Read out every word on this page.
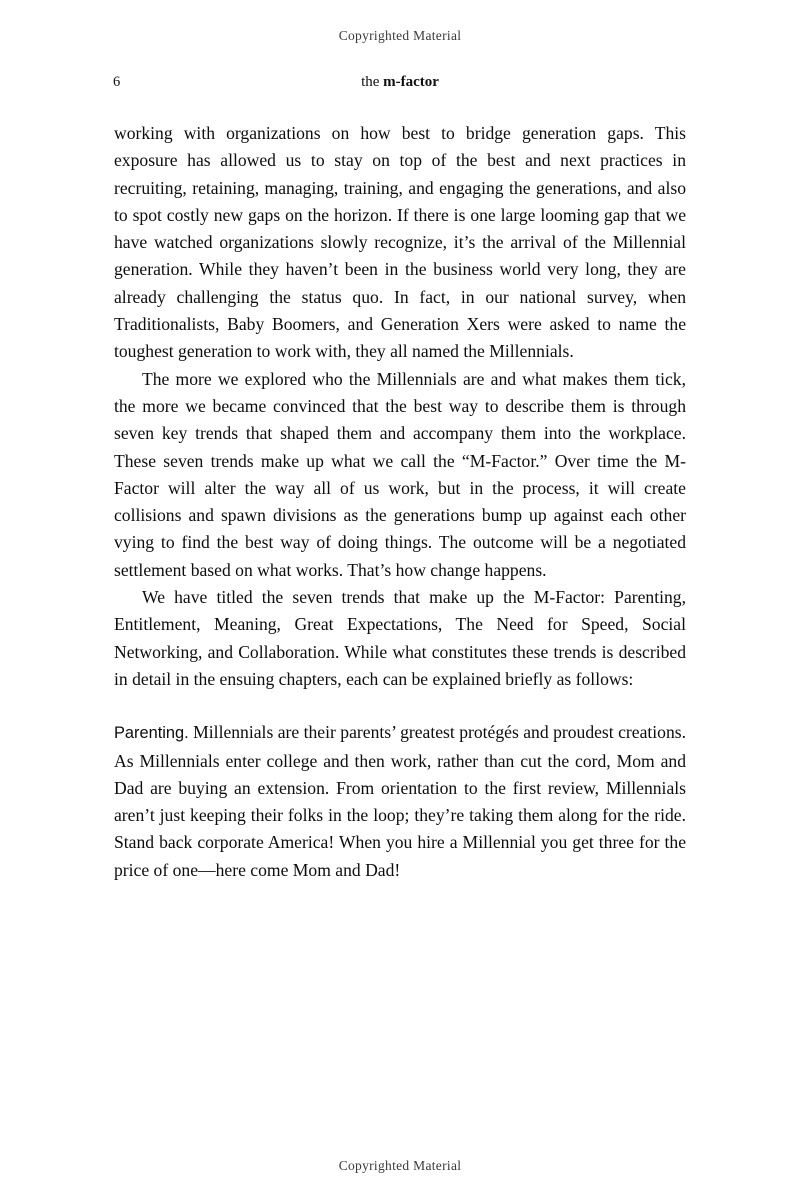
Copyrighted Material
6	the m-factor

working with organizations on how best to bridge generation gaps. This exposure has allowed us to stay on top of the best and next practices in recruiting, retaining, managing, training, and engaging the generations, and also to spot costly new gaps on the horizon. If there is one large looming gap that we have watched organizations slowly recognize, it’s the arrival of the Millennial generation. While they haven’t been in the business world very long, they are already challenging the status quo. In fact, in our national survey, when Traditionalists, Baby Boomers, and Generation Xers were asked to name the toughest generation to work with, they all named the Millennials.

The more we explored who the Millennials are and what makes them tick, the more we became convinced that the best way to describe them is through seven key trends that shaped them and accompany them into the workplace. These seven trends make up what we call the “M-Factor.” Over time the M-Factor will alter the way all of us work, but in the process, it will create collisions and spawn divisions as the generations bump up against each other vying to find the best way of doing things. The outcome will be a negotiated settlement based on what works. That’s how change happens.

We have titled the seven trends that make up the M-Factor: Parenting, Entitlement, Meaning, Great Expectations, The Need for Speed, Social Networking, and Collaboration. While what constitutes these trends is described in detail in the ensuing chapters, each can be explained briefly as follows:

Parenting. Millennials are their parents’ greatest protégés and proudest creations. As Millennials enter college and then work, rather than cut the cord, Mom and Dad are buying an extension. From orientation to the first review, Millennials aren’t just keeping their folks in the loop; they’re taking them along for the ride. Stand back corporate America! When you hire a Millennial you get three for the price of one—here come Mom and Dad!

Copyrighted Material
